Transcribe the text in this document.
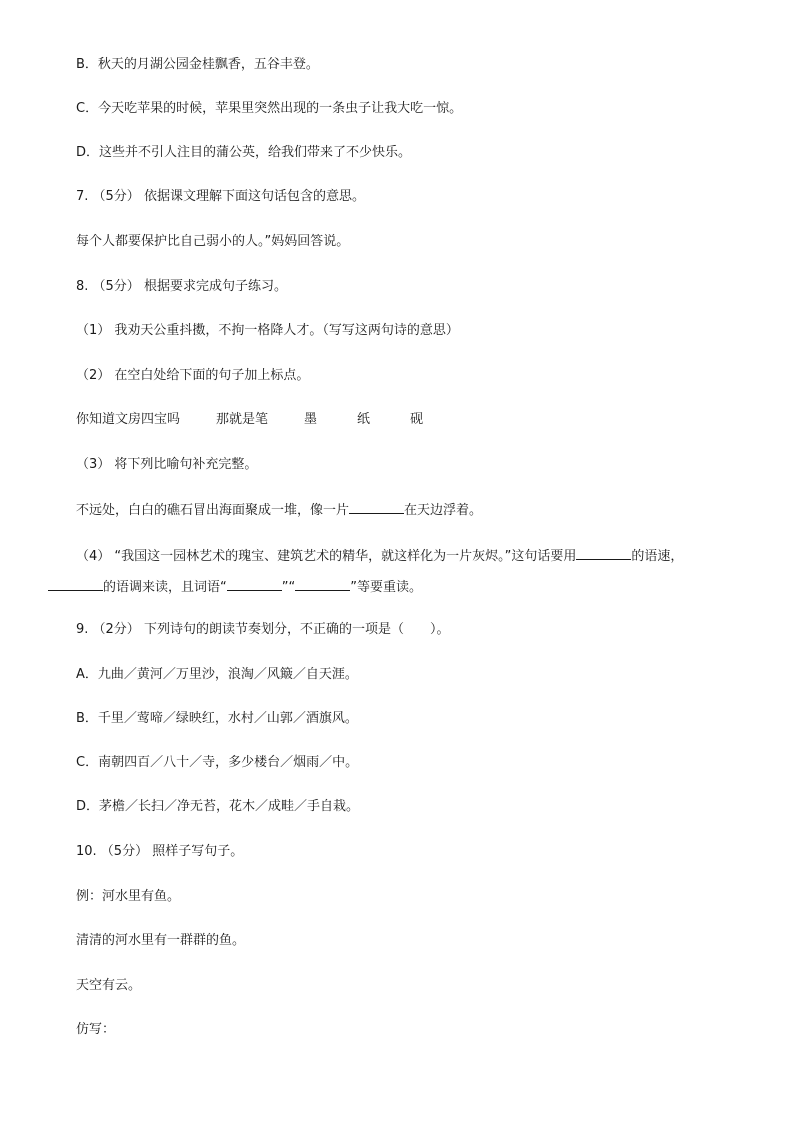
B．秋天的月湖公园金桂飘香，五谷丰登。
C．今天吃苹果的时候，苹果里突然出现的一条虫子让我大吃一惊。
D．这些并不引人注目的蒲公英，给我们带来了不少快乐。
7. （5分） 依据课文理解下面这句话包含的意思。
每个人都要保护比自己弱小的人。”妈妈回答说。
8. （5分） 根据要求完成句子练习。
（1） 我劝天公重抖擞，不拘一格降人才。（写写这两句诗的意思）
（2） 在空白处给下面的句子加上标点。
你知道文房四宝吗	那就是笔	墨	纸	砚
（3） 将下列比喻句补充完整。
不远处，白白的礁石冒出海面聚成一堆，像一片	在天边浮着。
（4） “我国这一园林艺术的瑰宝、建筑艺术的精华，就这样化为一片灰烬。”这句话要用	的语速，
的语调来读，且词语“	”“	”等要重读。
9. （2分） 下列诗句的朗读节奏划分，不正确的一项是（　　）。
A．九曲／黄河／万里沙，浪淘／风簸／自天涯。
B．千里／莺啼／绿映红，水村／山郭／酒旗风。
C．南朝四百／八十／寺，多少楼台／烟雨／中。
D．茅檐／长扫／净无苔，花木／成畦／手自栽。
10. （5分） 照样子写句子。
例：河水里有鱼。
清清的河水里有一群群的鱼。
天空有云。
仿写：
